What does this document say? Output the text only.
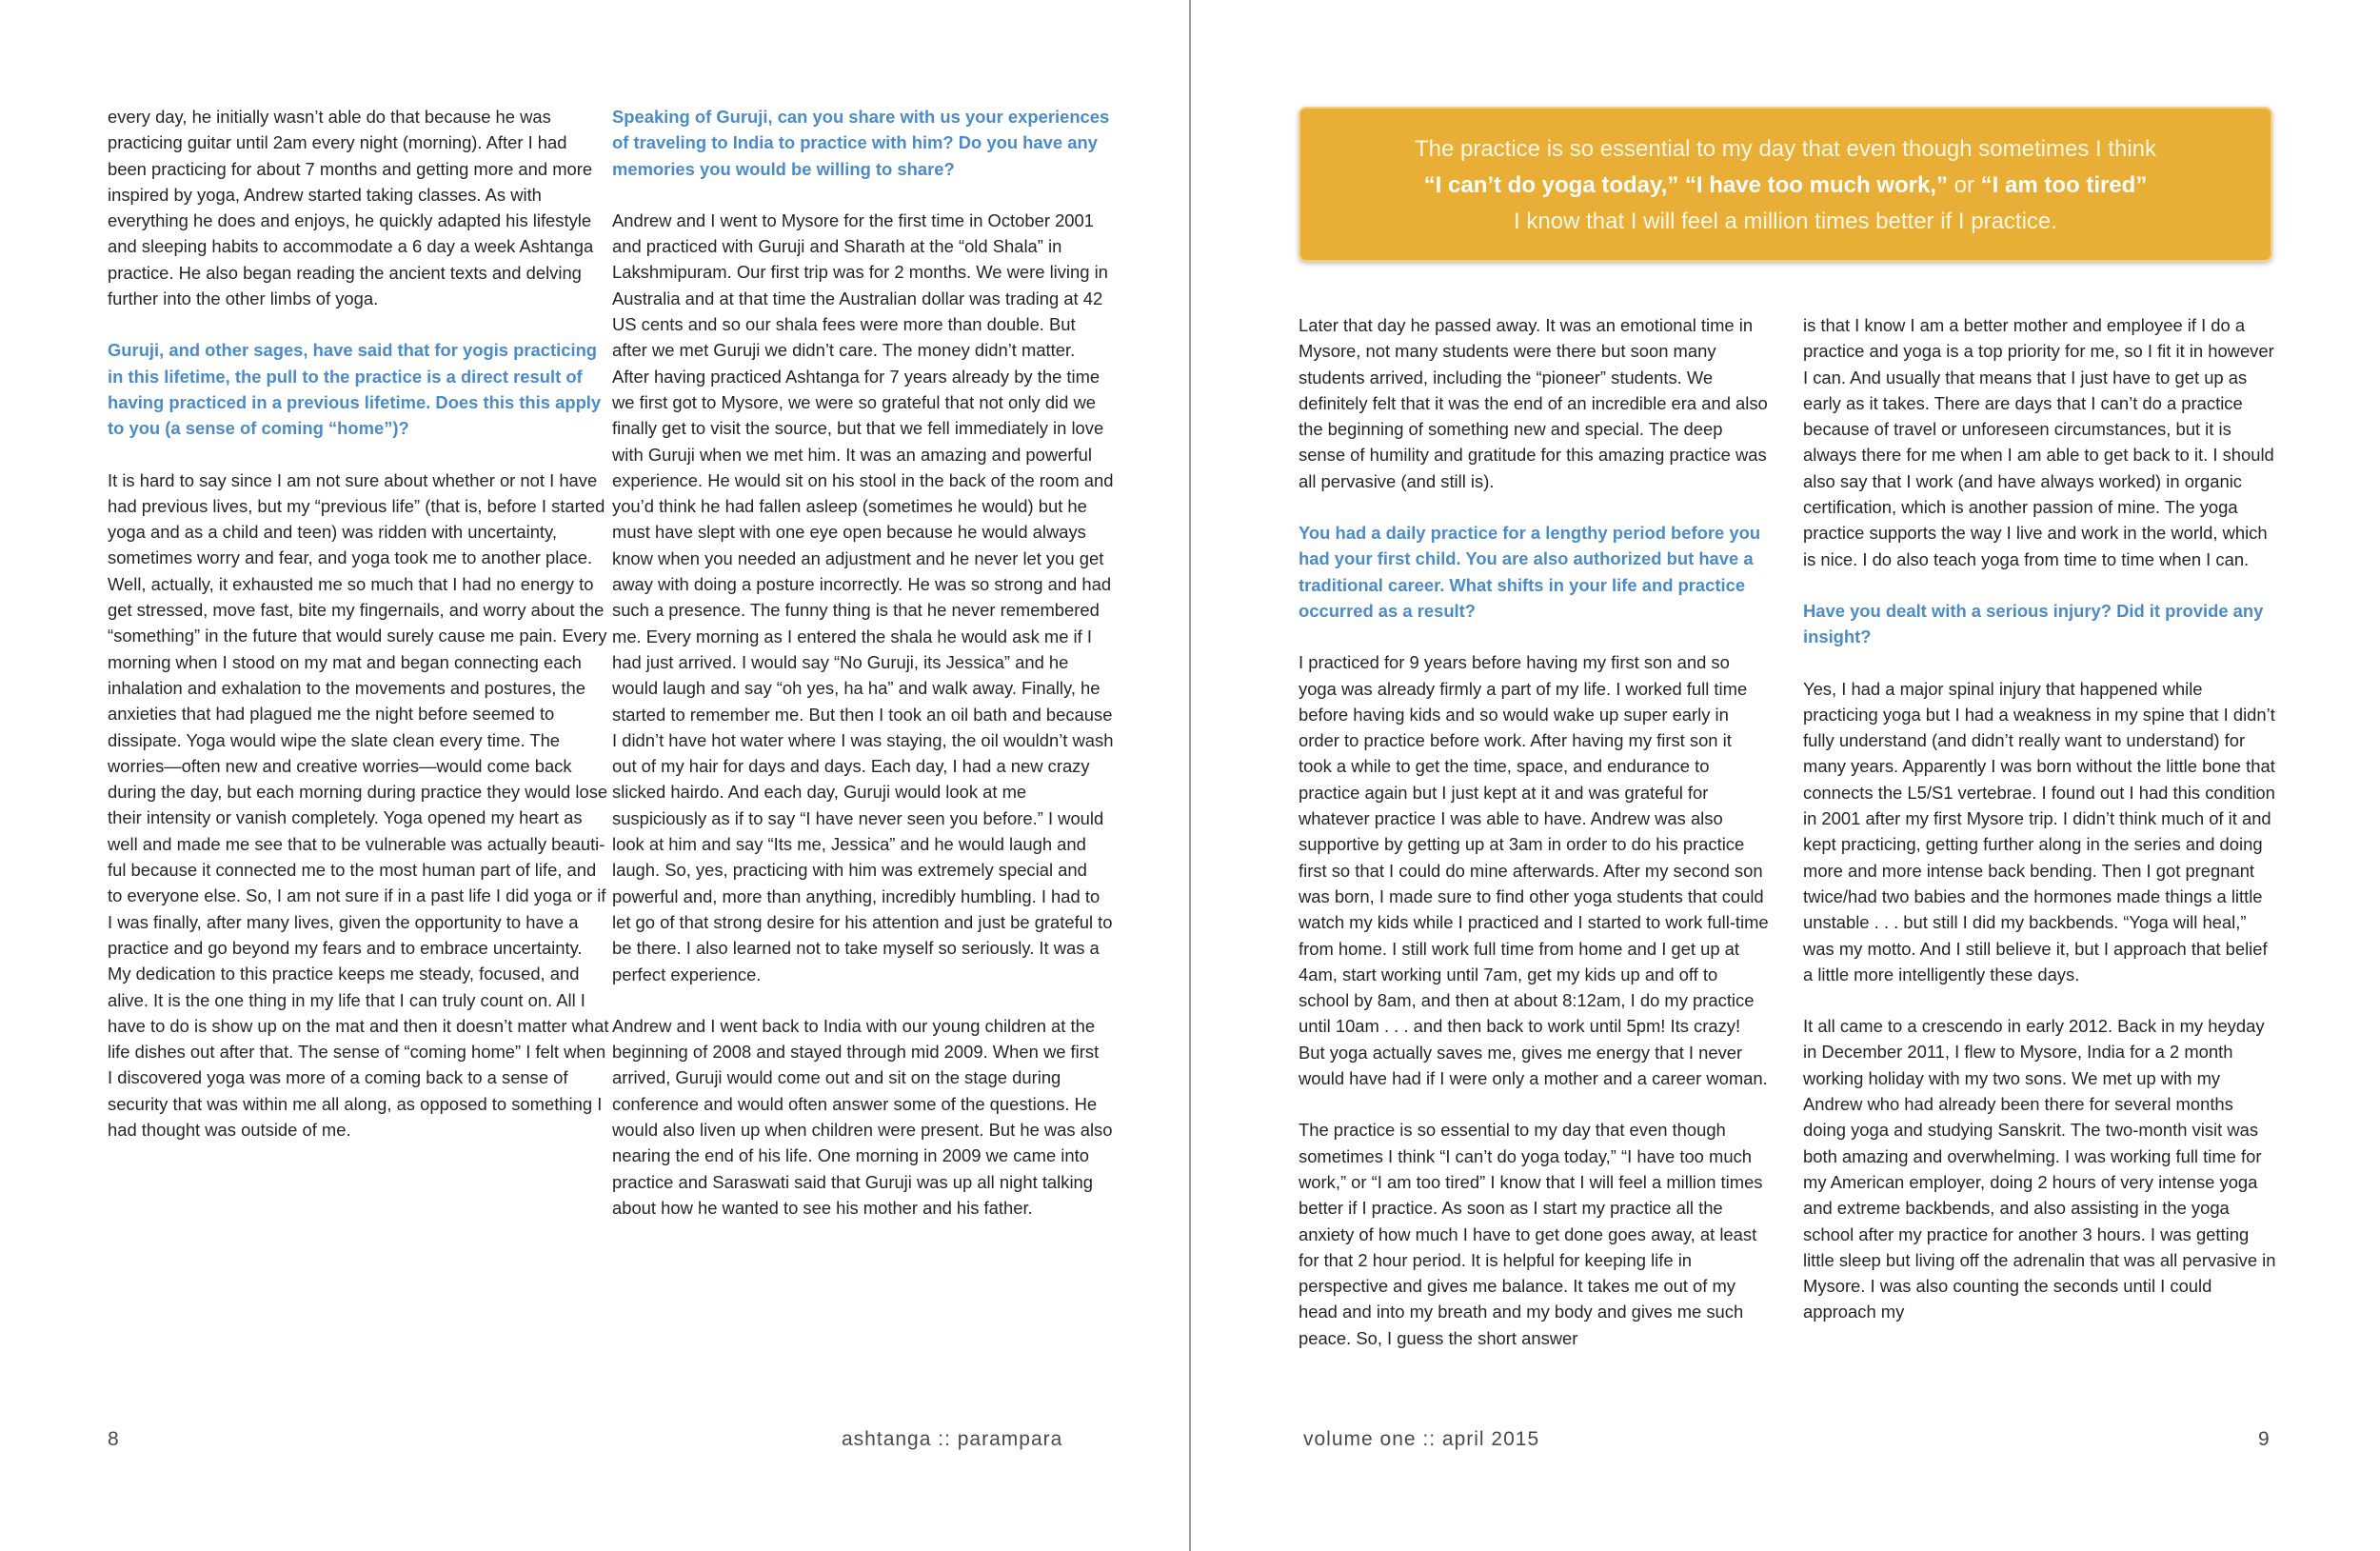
every day, he initially wasn’t able do that because he was practicing guitar until 2am every night (morning). After I had been practicing for about 7 months and getting more and more inspired by yoga, Andrew started taking classes. As with everything he does and enjoys, he quickly adapted his lifestyle and sleeping habits to accommodate a 6 day a week Ashtanga practice. He also began reading the ancient texts and delving further into the other limbs of yoga.

Guruji, and other sages, have said that for yogis practicing in this lifetime, the pull to the practice is a direct result of having practiced in a previous lifetime. Does this this apply to you (a sense of coming “home”)?

It is hard to say since I am not sure about whether or not I have had previous lives, but my “previous life” (that is, before I started yoga and as a child and teen) was ridden with uncertainty, sometimes worry and fear, and yoga took me to another place. Well, actually, it exhausted me so much that I had no energy to get stressed, move fast, bite my fingernails, and worry about the “something” in the future that would surely cause me pain. Every morning when I stood on my mat and began connecting each inhalation and exhalation to the movements and postures, the anxieties that had plagued me the night before seemed to dissipate. Yoga would wipe the slate clean every time. The worries—often new and creative worries—would come back during the day, but each morning during practice they would lose their intensity or vanish completely. Yoga opened my heart as well and made me see that to be vulnerable was actually beautiful because it connected me to the most human part of life, and to everyone else. So, I am not sure if in a past life I did yoga or if I was finally, after many lives, given the opportunity to have a practice and go beyond my fears and to embrace uncertainty. My dedication to this practice keeps me steady, focused, and alive. It is the one thing in my life that I can truly count on. All I have to do is show up on the mat and then it doesn’t matter what life dishes out after that. The sense of “coming home” I felt when I discovered yoga was more of a coming back to a sense of security that was within me all along, as opposed to something I had thought was outside of me.

Speaking of Guruji, can you share with us your experiences of traveling to India to practice with him? Do you have any memories you would be willing to share?

Andrew and I went to Mysore for the first time in October 2001 and practiced with Guruji and Sharath at the “old Shala” in Lakshmipuram. Our first trip was for 2 months. We were living in Australia and at that time the Australian dollar was trading at 42 US cents and so our shala fees were more than double. But after we met Guruji we didn’t care. The money didn’t matter. After having practiced Ashtanga for 7 years already by the time we first got to Mysore, we were so grateful that not only did we finally get to visit the source, but that we fell immediately in love with Guruji when we met him. It was an amazing and powerful experience. He would sit on his stool in the back of the room and you’d think he had fallen asleep (sometimes he would) but he must have slept with one eye open because he would always know when you needed an adjustment and he never let you get away with doing a posture incorrectly. He was so strong and had such a presence. The funny thing is that he never remembered me. Every morning as I entered the shala he would ask me if I had just arrived. I would say “No Guruji, its Jessica” and he would laugh and say “oh yes, ha ha” and walk away. Finally, he started to remember me. But then I took an oil bath and because I didn’t have hot water where I was staying, the oil wouldn’t wash out of my hair for days and days. Each day, I had a new crazy slicked hairdo. And each day, Guruji would look at me suspiciously as if to say “I have never seen you before.” I would look at him and say “Its me, Jessica” and he would laugh and laugh. So, yes, practicing with him was extremely special and powerful and, more than anything, incredibly humbling. I had to let go of that strong desire for his attention and just be grateful to be there. I also learned not to take myself so seriously. It was a perfect experience.

Andrew and I went back to India with our young children at the beginning of 2008 and stayed through mid 2009. When we first arrived, Guruji would come out and sit on the stage during conference and would often answer some of the questions. He would also liven up when children were present. But he was also nearing the end of his life. One morning in 2009 we came into practice and Saraswati said that Guruji was up all night talking about how he wanted to see his mother and his father.

8	ashtanga :: parampara
The practice is so essential to my day that even though sometimes I think
“I can’t do yoga today,” “I have too much work,” or “I am too tired”
I know that I will feel a million times better if I practice.

Later that day he passed away. It was an emotional time in Mysore, not many students were there but soon many students arrived, including the “pioneer” students. We definitely felt that it was the end of an incredible era and also the beginning of something new and special. The deep sense of humility and gratitude for this amazing practice was all pervasive (and still is).

You had a daily practice for a lengthy period before you had your first child. You are also authorized but have a traditional career. What shifts in your life and practice occurred as a result?

I practiced for 9 years before having my first son and so yoga was already firmly a part of my life. I worked full time before having kids and so would wake up super early in order to practice before work. After having my first son it took a while to get the time, space, and endurance to practice again but I just kept at it and was grateful for whatever practice I was able to have. Andrew was also supportive by getting up at 3am in order to do his practice first so that I could do mine afterwards. After my second son was born, I made sure to find other yoga students that could watch my kids while I practiced and I started to work full-time from home. I still work full time from home and I get up at 4am, start working until 7am, get my kids up and off to school by 8am, and then at about 8:12am, I do my practice until 10am . . . and then back to work until 5pm! Its crazy! But yoga actually saves me, gives me energy that I never would have had if I were only a mother and a career woman.

The practice is so essential to my day that even though sometimes I think “I can’t do yoga today,” “I have too much work,” or “I am too tired” I know that I will feel a million times better if I practice. As soon as I start my practice all the anxiety of how much I have to get done goes away, at least for that 2 hour period. It is helpful for keeping life in perspective and gives me balance. It takes me out of my head and into my breath and my body and gives me such peace. So, I guess the short answer

is that I know I am a better mother and employee if I do a practice and yoga is a top priority for me, so I fit it in however I can. And usually that means that I just have to get up as early as it takes. There are days that I can’t do a practice because of travel or unforeseen circumstances, but it is always there for me when I am able to get back to it. I should also say that I work (and have always worked) in organic certification, which is another passion of mine. The yoga practice supports the way I live and work in the world, which is nice. I do also teach yoga from time to time when I can.

Have you dealt with a serious injury? Did it provide any insight?

Yes, I had a major spinal injury that happened while practicing yoga but I had a weakness in my spine that I didn’t fully understand (and didn’t really want to understand) for many years. Apparently I was born without the little bone that connects the L5/S1 vertebrae. I found out I had this condition in 2001 after my first Mysore trip. I didn’t think much of it and kept practicing, getting further along in the series and doing more and more intense back bending. Then I got pregnant twice/had two babies and the hormones made things a little unstable . . . but still I did my backbends. “Yoga will heal,” was my motto. And I still believe it, but I approach that belief a little more intelligently these days.

It all came to a crescendo in early 2012. Back in my heyday in December 2011, I flew to Mysore, India for a 2 month working holiday with my two sons. We met up with my Andrew who had already been there for several months doing yoga and studying Sanskrit. The two-month visit was both amazing and overwhelming. I was working full time for my American employer, doing 2 hours of very intense yoga and extreme backbends, and also assisting in the yoga school after my practice for another 3 hours. I was getting little sleep but living off the adrenalin that was all pervasive in Mysore. I was also counting the seconds until I could approach my

volume one :: april 2015	9
